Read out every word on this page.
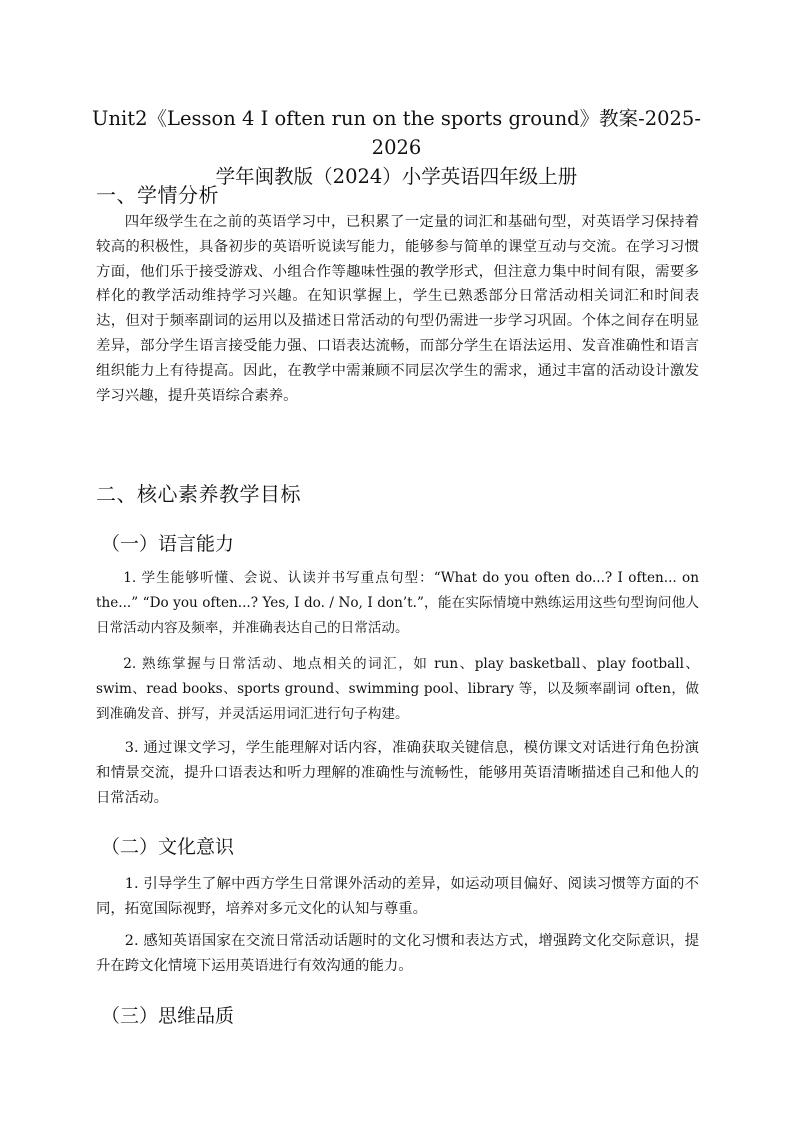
Unit2《Lesson 4 I often run on the sports ground》教案-2025-2026
学年闽教版（2024）小学英语四年级上册
一、学情分析

四年级学生在之前的英语学习中，已积累了一定量的词汇和基础句型，对英语学习保持着较高的积极性，具备初步的英语听说读写能力，能够参与简单的课堂互动与交流。在学习习惯方面，他们乐于接受游戏、小组合作等趣味性强的教学形式，但注意力集中时间有限，需要多样化的教学活动维持学习兴趣。在知识掌握上，学生已熟悉部分日常活动相关词汇和时间表达，但对于频率副词的运用以及描述日常活动的句型仍需进一步学习巩固。个体之间存在明显差异，部分学生语言接受能力强、口语表达流畅，而部分学生在语法运用、发音准确性和语言组织能力上有待提高。因此，在教学中需兼顾不同层次学生的需求，通过丰富的活动设计激发学习兴趣，提升英语综合素养。

二、核心素养教学目标
（一）语言能力

1. 学生能够听懂、会说、认读并书写重点句型：“What do you often do...? I often... on the...” “Do you often...? Yes, I do. / No, I don’t.”，能在实际情境中熟练运用这些句型询问他人日常活动内容及频率，并准确表达自己的日常活动。

2. 熟练掌握与日常活动、地点相关的词汇，如 run、play basketball、play football、swim、read books、sports ground、swimming pool、library 等，以及频率副词 often，做到准确发音、拼写，并灵活运用词汇进行句子构建。

3. 通过课文学习，学生能理解对话内容，准确获取关键信息，模仿课文对话进行角色扮演和情景交流，提升口语表达和听力理解的准确性与流畅性，能够用英语清晰描述自己和他人的日常活动。

（二）文化意识

1. 引导学生了解中西方学生日常课外活动的差异，如运动项目偏好、阅读习惯等方面的不同，拓宽国际视野，培养对多元文化的认知与尊重。

2. 感知英语国家在交流日常活动话题时的文化习惯和表达方式，增强跨文化交际意识，提升在跨文化情境下运用英语进行有效沟通的能力。

（三）思维品质
